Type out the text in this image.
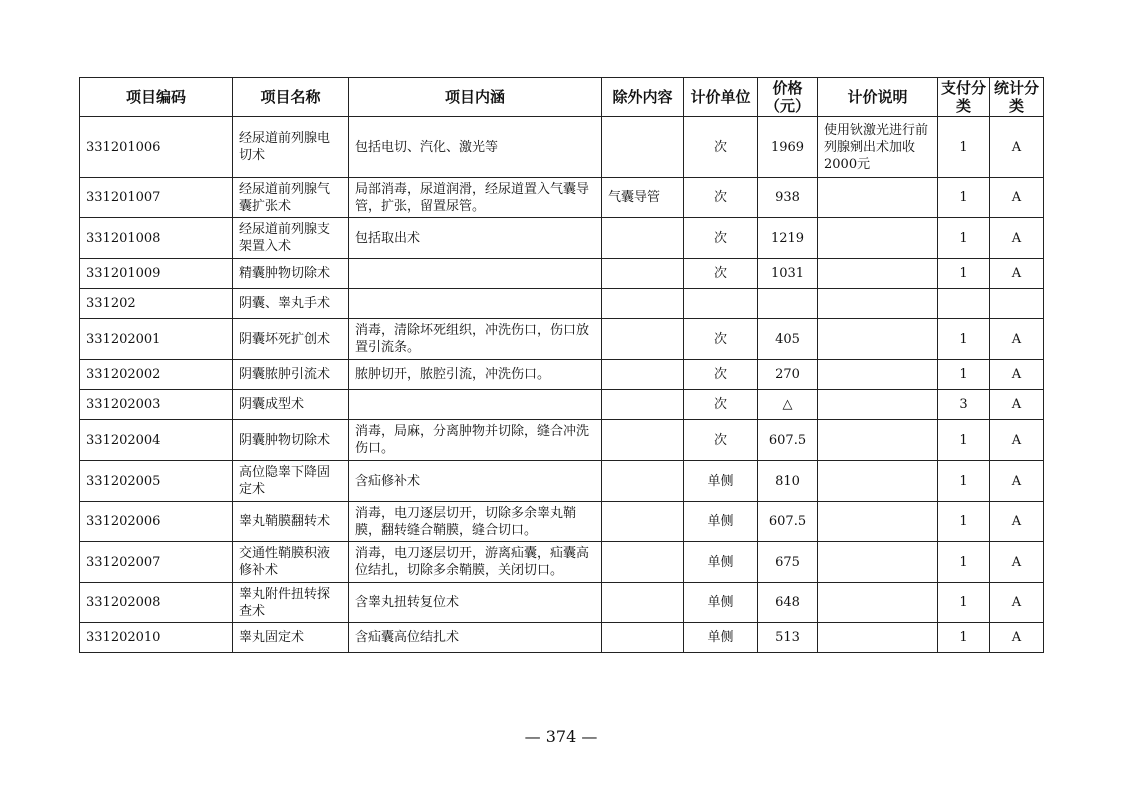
项目编码	项目名称	项目内涵	除外内容	计价单位	价格（元）	计价说明	支付分类	统计分类
331201006	经尿道前列腺电切术	包括电切、汽化、激光等		次	1969	使用钬激光进行前列腺剜出术加收2000元	1	A
331201007	经尿道前列腺气囊扩张术	局部消毒，尿道润滑，经尿道置入气囊导管，扩张，留置尿管。	气囊导管	次	938		1	A
331201008	经尿道前列腺支架置入术	包括取出术		次	1219		1	A
331201009	精囊肿物切除术			次	1031		1	A
331202	阴囊、睾丸手术							
331202001	阴囊坏死扩创术	消毒，清除坏死组织，冲洗伤口，伤口放置引流条。		次	405		1	A
331202002	阴囊脓肿引流术	脓肿切开，脓腔引流，冲洗伤口。		次	270		1	A
331202003	阴囊成型术			次	△		3	A
331202004	阴囊肿物切除术	消毒，局麻，分离肿物并切除，缝合冲洗伤口。		次	607.5		1	A
331202005	高位隐睾下降固定术	含疝修补术		单侧	810		1	A
331202006	睾丸鞘膜翻转术	消毒，电刀逐层切开，切除多余睾丸鞘膜，翻转缝合鞘膜，缝合切口。		单侧	607.5		1	A
331202007	交通性鞘膜积液修补术	消毒，电刀逐层切开，游离疝囊，疝囊高位结扎，切除多余鞘膜，关闭切口。		单侧	675		1	A
331202008	睾丸附件扭转探查术	含睾丸扭转复位术		单侧	648		1	A
331202010	睾丸固定术	含疝囊高位结扎术		单侧	513		1	A
— 374 —
